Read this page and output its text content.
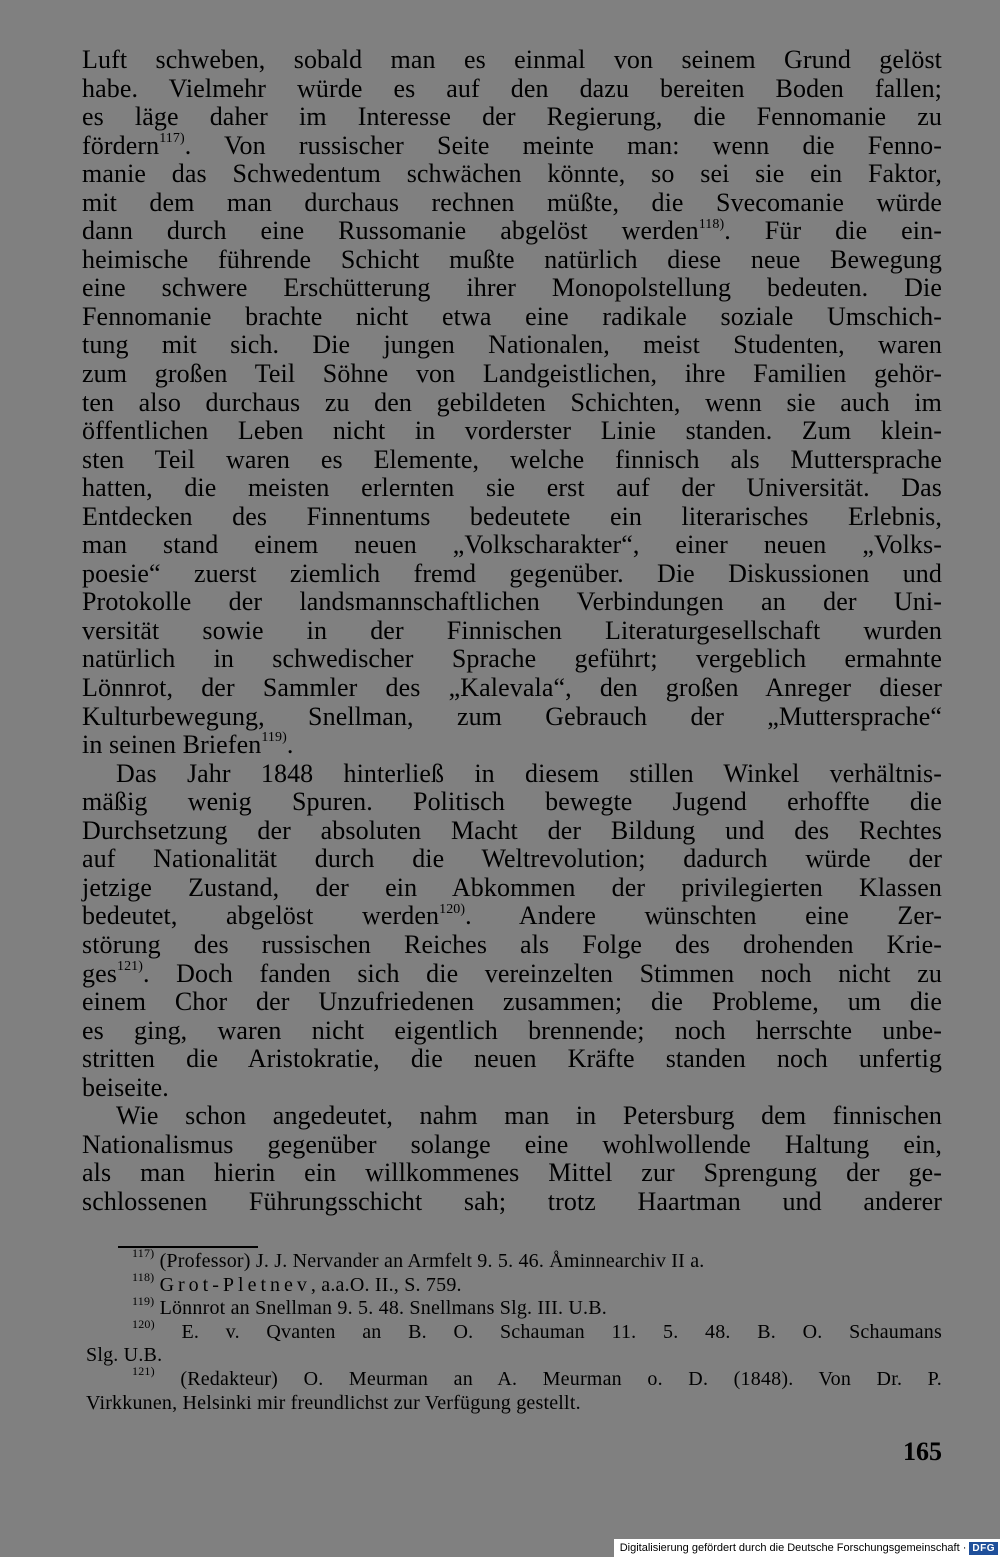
Luft schweben, sobald man es einmal von seinem Grund gelöst
habe. Vielmehr würde es auf den dazu bereiten Boden fallen;
es läge daher im Interesse der Regierung, die Fennomanie zu
fördern$^{117)}$. Von russischer Seite meinte man: wenn die Fenno-
manie das Schwedentum schwächen könnte, so sei sie ein Faktor,
mit dem man durchaus rechnen müßte, die Svecomanie würde
dann durch eine Russomanie abgelöst werden$^{118)}$. Für die ein-
heimische führende Schicht mußte natürlich diese neue Bewegung
eine schwere Erschütterung ihrer Monopolstellung bedeuten. Die
Fennomanie brachte nicht etwa eine radikale soziale Umschich-
tung mit sich. Die jungen Nationalen, meist Studenten, waren
zum großen Teil Söhne von Landgeistlichen, ihre Familien gehör-
ten also durchaus zu den gebildeten Schichten, wenn sie auch im
öffentlichen Leben nicht in vorderster Linie standen. Zum klein-
sten Teil waren es Elemente, welche finnisch als Muttersprache
hatten, die meisten erlernten sie erst auf der Universität. Das
Entdecken des Finnentums bedeutete ein literarisches Erlebnis,
man stand einem neuen „Volkscharakter“, einer neuen „Volks-
poesie“ zuerst ziemlich fremd gegenüber. Die Diskussionen und
Protokolle der landsmannschaftlichen Verbindungen an der Uni-
versität sowie in der Finnischen Literaturgesellschaft wurden
natürlich in schwedischer Sprache geführt; vergeblich ermahnte
Lönnrot, der Sammler des „Kalevala“, den großen Anreger dieser
Kulturbewegung, Snellman, zum Gebrauch der „Muttersprache“
in seinen Briefen$^{119)}$.
Das Jahr 1848 hinterließ in diesem stillen Winkel verhältnis-
mäßig wenig Spuren. Politisch bewegte Jugend erhoffte die
Durchsetzung der absoluten Macht der Bildung und des Rechtes
auf Nationalität durch die Weltrevolution; dadurch würde der
jetzige Zustand, der ein Abkommen der privilegierten Klassen
bedeutet, abgelöst werden$^{120)}$. Andere wünschten eine Zer-
störung des russischen Reiches als Folge des drohenden Krie-
ges$^{121)}$. Doch fanden sich die vereinzelten Stimmen noch nicht zu
einem Chor der Unzufriedenen zusammen; die Probleme, um die
es ging, waren nicht eigentlich brennende; noch herrschte unbe-
stritten die Aristokratie, die neuen Kräfte standen noch unfertig
beiseite.
Wie schon angedeutet, nahm man in Petersburg dem finnischen
Nationalismus gegenüber solange eine wohlwollende Haltung ein,
als man hierin ein willkommenes Mittel zur Sprengung der ge-
schlossenen Führungsschicht sah; trotz Haartman und anderer
$^{117)}$ (Professor) J. J. Nervander an Armfelt 9. 5. 46. Åminnearchiv II a.
$^{118)}$ Grot-Pletnev, a.a.O. II., S. 759.
$^{119)}$ Lönnrot an Snellman 9. 5. 48. Snellmans Slg. III. U.B.
$^{120)}$ E. v. Qvanten an B. O. Schauman 11. 5. 48. B. O. Schaumans
Slg. U.B.
$^{121)}$ (Redakteur) O. Meurman an A. Meurman o. D. (1848). Von Dr. P.
Virkkunen, Helsinki mir freundlichst zur Verfügung gestellt.
165
Digitalisierung gefördert durch die Deutsche Forschungsgemeinschaft · DFG
